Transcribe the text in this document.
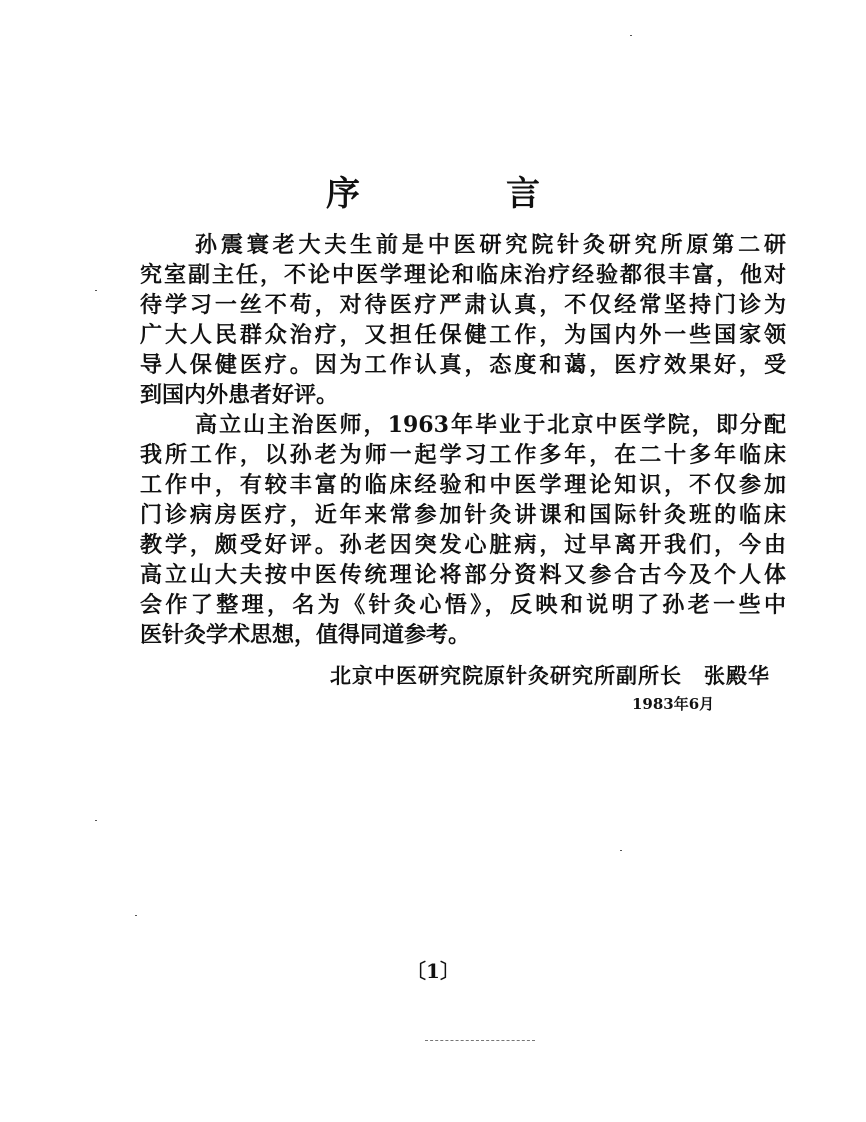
序　言
孙震寰老大夫生前是中医研究院针灸研究所原第二研
究室副主任，不论中医学理论和临床治疗经验都很丰富，他对
待学习一丝不苟，对待医疗严肃认真，不仅经常坚持门诊为
广大人民群众治疗，又担任保健工作，为国内外一些国家领
导人保健医疗。因为工作认真，态度和蔼，医疗效果好，受
到国内外患者好评。
高立山主治医师，1963年毕业于北京中医学院，即分配
我所工作，以孙老为师一起学习工作多年，在二十多年临床
工作中，有较丰富的临床经验和中医学理论知识，不仅参加
门诊病房医疗，近年来常参加针灸讲课和国际针灸班的临床
教学，颇受好评。孙老因突发心脏病，过早离开我们，今由
高立山大夫按中医传统理论将部分资料又参合古今及个人体
会作了整理，名为《针灸心悟》，反映和说明了孙老一些中
医针灸学术思想，值得同道参考。
北京中医研究院原针灸研究所副所长　张殿华
1983年6月
〔1〕
